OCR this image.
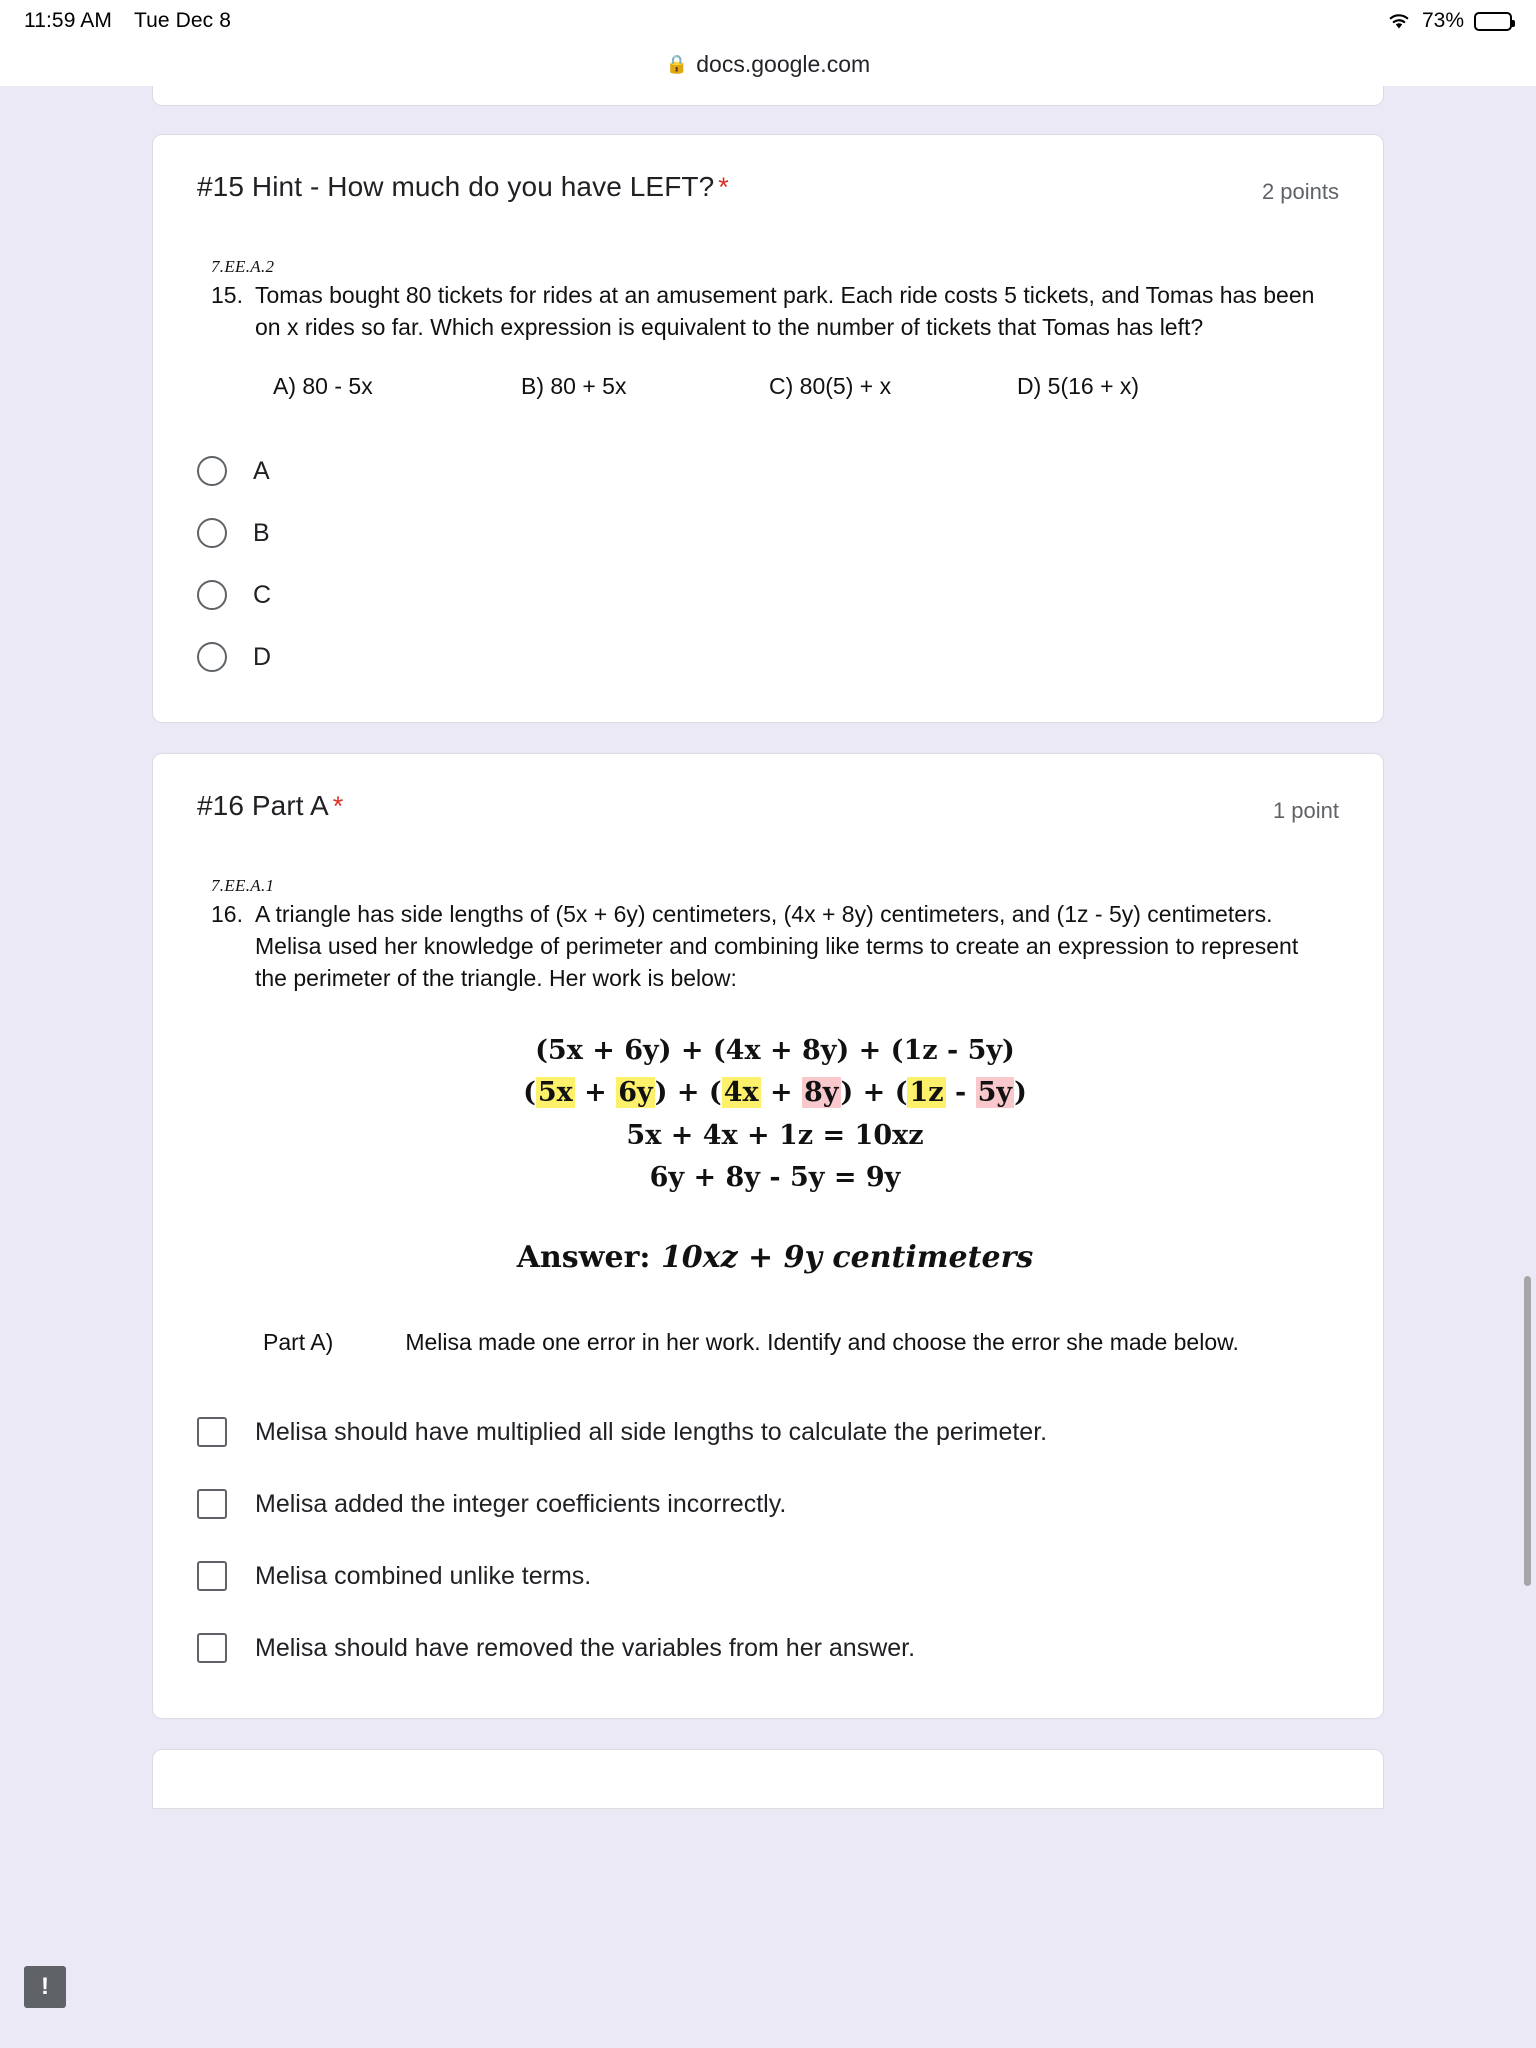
11:59 AM Tue Dec 8	73%
🔒 docs.google.com
#15 Hint - How much do you have LEFT? *	2 points
7.EE.A.2
15. Tomas bought 80 tickets for rides at an amusement park. Each ride costs 5 tickets, and Tomas has been on x rides so far. Which expression is equivalent to the number of tickets that Tomas has left?
A) 80 - 5x	B) 80 + 5x	C) 80(5) + x	D) 5(16 + x)
A
B
C
D
#16 Part A *	1 point
7.EE.A.1
16. A triangle has side lengths of (5x + 6y) centimeters, (4x + 8y) centimeters, and (1z - 5y) centimeters. Melisa used her knowledge of perimeter and combining like terms to create an expression to represent the perimeter of the triangle. Her work is below:
(5x + 6y) + (4x + 8y) + (1z - 5y)
(5x + 6y) + (4x + 8y) + (1z - 5y)
5x + 4x + 1z = 10xz
6y + 8y - 5y = 9y
Answer: 10xz + 9y centimeters
Part A)	Melisa made one error in her work. Identify and choose the error she made below.
Melisa should have multiplied all side lengths to calculate the perimeter.
Melisa added the integer coefficients incorrectly.
Melisa combined unlike terms.
Melisa should have removed the variables from her answer.
!
